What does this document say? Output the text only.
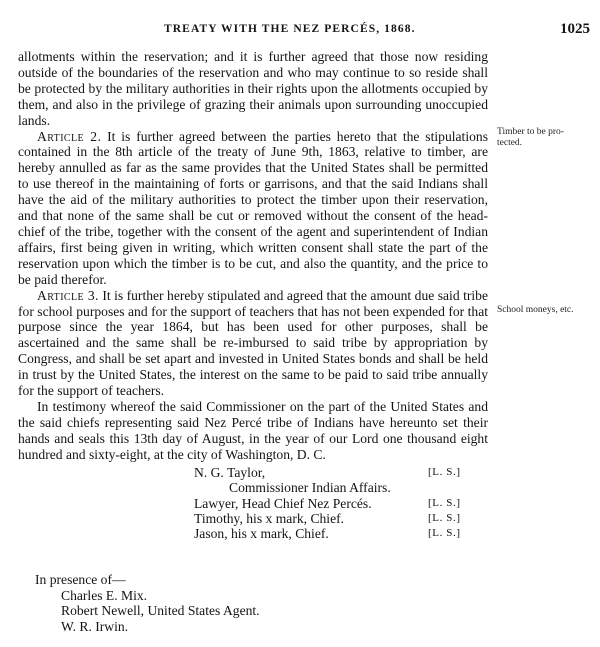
TREATY WITH THE NEZ PERCÉS, 1868.	1025

allotments within the reservation; and it is further agreed that those now residing outside of the boundaries of the reservation and who may continue to so reside shall be protected by the military authorities in their rights upon the allotments occupied by them, and also in the privilege of grazing their animals upon surrounding unoccupied lands.

Article 2. It is further agreed between the parties hereto that the stipulations contained in the 8th article of the treaty of June 9th, 1863, relative to timber, are hereby annulled as far as the same provides that the United States shall be permitted to use thereof in the maintaining of forts or garrisons, and that the said Indians shall have the aid of the military authorities to protect the timber upon their reservation, and that none of the same shall be cut or removed without the consent of the head-chief of the tribe, together with the consent of the agent and superintendent of Indian affairs, first being given in writing, which written consent shall state the part of the reservation upon which the timber is to be cut, and also the quantity, and the price to be paid therefor.

Article 3. It is further hereby stipulated and agreed that the amount due said tribe for school purposes and for the support of teachers that has not been expended for that purpose since the year 1864, but has been used for other purposes, shall be ascertained and the same shall be re-imbursed to said tribe by appropriation by Congress, and shall be set apart and invested in United States bonds and shall be held in trust by the United States, the interest on the same to be paid to said tribe annually for the support of teachers.

In testimony whereof the said Commissioner on the part of the United States and the said chiefs representing said Nez Percé tribe of Indians have hereunto set their hands and seals this 13th day of August, in the year of our Lord one thousand eight hundred and sixty-eight, at the city of Washington, D. C.

N. G. Taylor,	[L. S.]
Commissioner Indian Affairs.
Lawyer, Head Chief Nez Percés.	[L. S.]
Timothy, his x mark, Chief.	[L. S.]
Jason, his x mark, Chief.	[L. S.]
In presence of—
Charles E. Mix.
Robert Newell, United States Agent.
W. R. Irwin.
Timber to be pro-
tected.
School moneys, etc.
